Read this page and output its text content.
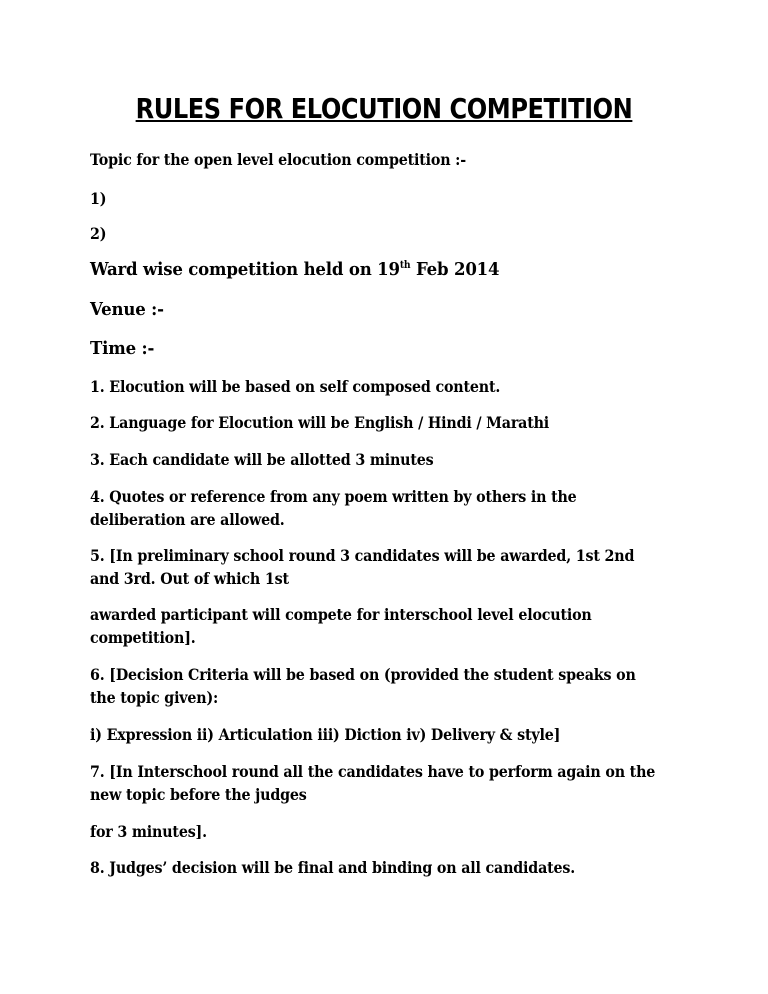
RULES FOR ELOCUTION COMPETITION
Topic for the open level elocution competition :-
1)
2)
Ward wise competition held on 19th Feb 2014
Venue :-
Time :-
1. Elocution will be based on self composed content.
2. Language for Elocution will be English / Hindi / Marathi
3. Each candidate will be allotted 3 minutes
4. Quotes or reference from any poem written by others in the
deliberation are allowed.
5. [In preliminary school round 3 candidates will be awarded, 1st 2nd
and 3rd. Out of which 1st
awarded participant will compete for interschool level elocution
competition].
6. [Decision Criteria will be based on (provided the student speaks on
the topic given):
i) Expression ii) Articulation iii) Diction iv) Delivery & style]
7. [In Interschool round all the candidates have to perform again on the
new topic before the judges
for 3 minutes].
8. Judges’ decision will be final and binding on all candidates.
